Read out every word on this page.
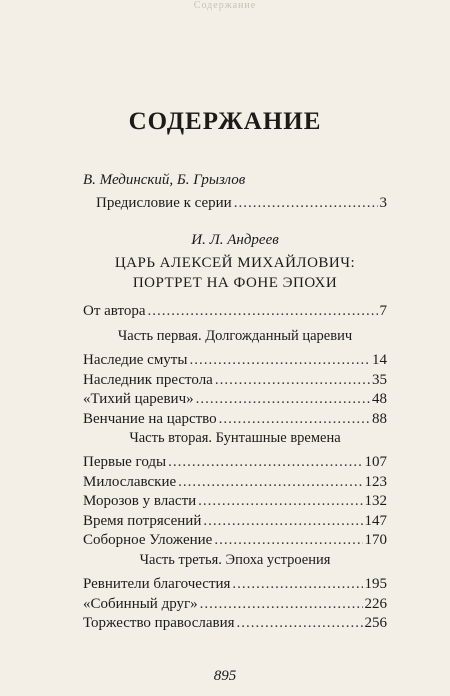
Содержание
СОДЕРЖАНИЕ
В. Мединский, Б. Грызлов
Предисловие к серии .....	3
И. Л. Андреев
ЦАРЬ АЛЕКСЕЙ МИХАЙЛОВИЧ:
ПОРТРЕТ НА ФОНЕ ЭПОХИ
От автора .....	7
Часть первая. Долгожданный царевич
Наследие смуты .....	14
Наследник престола .....	35
«Тихий царевич» .....	48
Венчание на царство .....	88
Часть вторая. Бунташные времена
Первые годы .....	107
Милославские .....	123
Морозов у власти .....	132
Время потрясений .....	147
Соборное Уложение .....	170
Часть третья. Эпоха устроения
Ревнители благочестия .....	195
«Собинный друг» .....	226
Торжество православия .....	256
895
